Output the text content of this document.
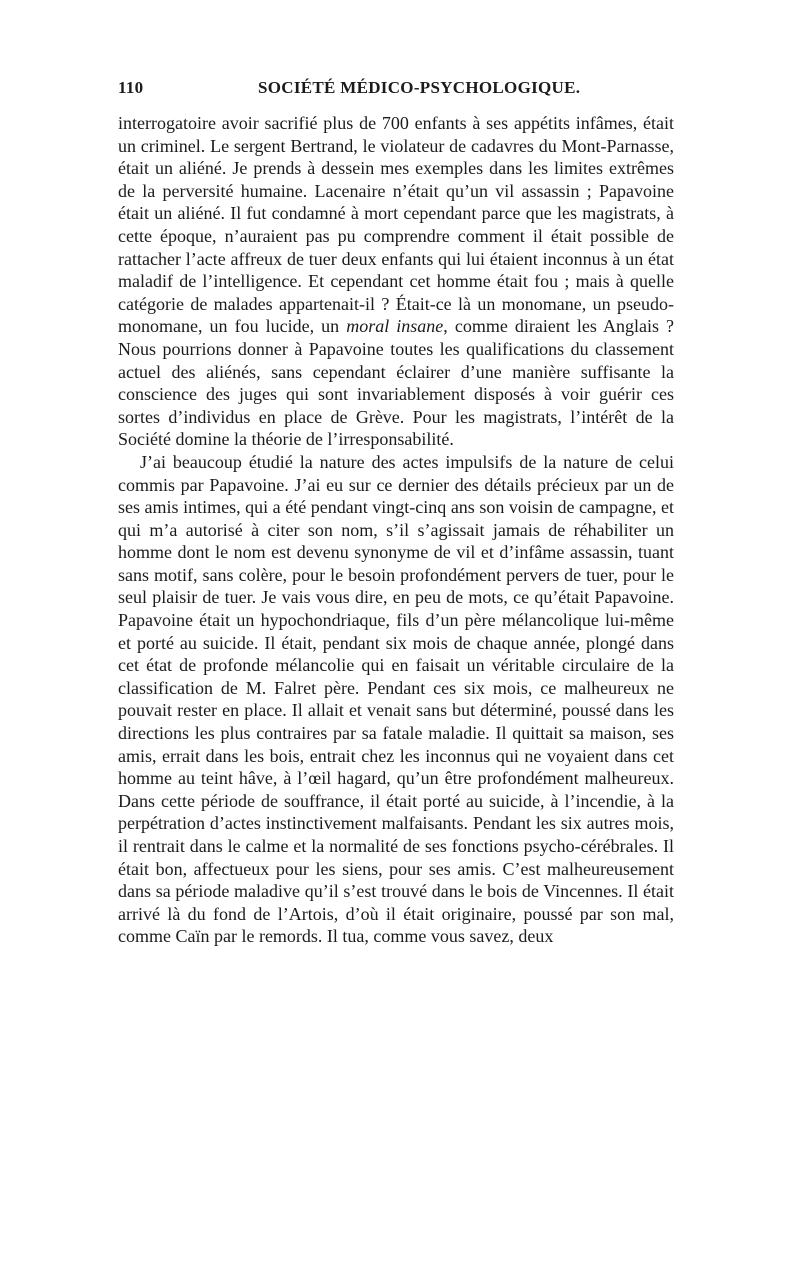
110	SOCIÉTÉ MÉDICO-PSYCHOLOGIQUE.

interrogatoire avoir sacrifié plus de 700 enfants à ses appétits infâmes, était un criminel. Le sergent Bertrand, le violateur de cadavres du Mont-Parnasse, était un aliéné. Je prends à dessein mes exemples dans les limites extrêmes de la perversité humaine. Lacenaire n’était qu’un vil assassin ; Papavoine était un aliéné. Il fut condamné à mort cependant parce que les magistrats, à cette époque, n’auraient pas pu comprendre comment il était possible de rattacher l’acte affreux de tuer deux enfants qui lui étaient inconnus à un état maladif de l’intelligence. Et cependant cet homme était fou ; mais à quelle catégorie de malades appartenait-il ? Était-ce là un monomane, un pseudo-monomane, un fou lucide, un moral insane, comme diraient les Anglais ? Nous pourrions donner à Papavoine toutes les qualifications du classement actuel des aliénés, sans cependant éclairer d’une manière suffisante la conscience des juges qui sont invariablement disposés à voir guérir ces sortes d’individus en place de Grève. Pour les magistrats, l’intérêt de la Société domine la théorie de l’irresponsabilité.

J’ai beaucoup étudié la nature des actes impulsifs de la nature de celui commis par Papavoine. J’ai eu sur ce dernier des détails précieux par un de ses amis intimes, qui a été pendant vingt-cinq ans son voisin de campagne, et qui m’a autorisé à citer son nom, s’il s’agissait jamais de réhabiliter un homme dont le nom est devenu synonyme de vil et d’infâme assassin, tuant sans motif, sans colère, pour le besoin profondément pervers de tuer, pour le seul plaisir de tuer. Je vais vous dire, en peu de mots, ce qu’était Papavoine. Papavoine était un hypochondriaque, fils d’un père mélancolique lui-même et porté au suicide. Il était, pendant six mois de chaque année, plongé dans cet état de profonde mélancolie qui en faisait un véritable circulaire de la classification de M. Falret père. Pendant ces six mois, ce malheureux ne pouvait rester en place. Il allait et venait sans but déterminé, poussé dans les directions les plus contraires par sa fatale maladie. Il quittait sa maison, ses amis, errait dans les bois, entrait chez les inconnus qui ne voyaient dans cet homme au teint hâve, à l’œil hagard, qu’un être profondément malheureux. Dans cette période de souffrance, il était porté au suicide, à l’incendie, à la perpétration d’actes instinctivement malfaisants. Pendant les six autres mois, il rentrait dans le calme et la normalité de ses fonctions psycho-cérébrales. Il était bon, affectueux pour les siens, pour ses amis. C’est malheureusement dans sa période maladive qu’il s’est trouvé dans le bois de Vincennes. Il était arrivé là du fond de l’Artois, d’où il était originaire, poussé par son mal, comme Caïn par le remords. Il tua, comme vous savez, deux
